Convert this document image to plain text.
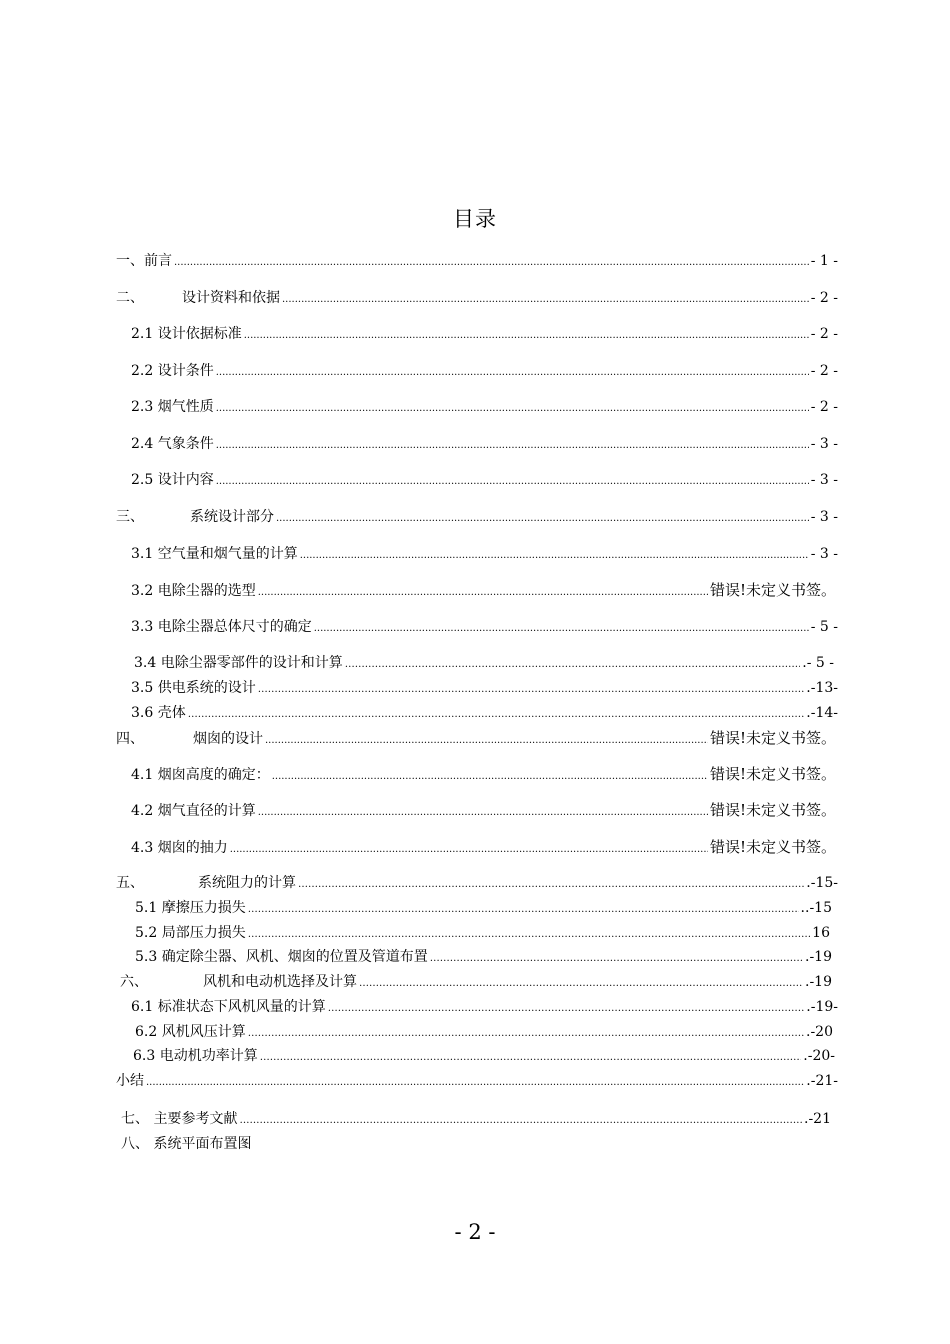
目录
一、前言 .....	- 1 -
二、	设计资料和依据 .....	- 2 -
2.1 设计依据标准 .....	- 2 -
2.2 设计条件 .....	- 2 -
2.3 烟气性质 .....	- 2 -
2.4 气象条件 .....	- 3 -
2.5 设计内容 .....	- 3 -
三、	系统设计部分 .....	- 3 -
3.1 空气量和烟气量的计算 .....	- 3 -
3.2 电除尘器的选型 .....	错误!未定义书签。
3.3 电除尘器总体尺寸的确定 .....	- 5 -
3.4 电除尘器零部件的设计和计算 …………………………………………………………………………………………………………………………………………………………………………………………………………………………	.- 5 -
3.5 供电系统的设计 …………………………………………………………………………………………………………………………………………………………………………………………………………………………	.-13-
3.6 壳体 …………………………………………………………………………………………………………………………………………………………………………………………………………………………	.-14-
四、	烟囱的设计 .....	错误!未定义书签。
4.1 烟囱高度的确定： .....	错误!未定义书签。
4.2 烟气直径的计算 .....	错误!未定义书签。
4.3 烟囱的抽力 .....	错误!未定义书签。
五、	系统阻力的计算 …………………………………………………………………………………………………………………………………………………………………………………………………………………………	.-15-
5.1 摩擦压力损失 …………………………………………………………………………………………………………………………………………………………………………………………………………………………	..-15
5.2 局部压力损失 …………………………………………………………………………………………………………………………………………………………………………………………………………………………	16
5.3 确定除尘器、风机、烟囱的位置及管道布置 …………………………………………………………………………………………………………………………………………………………………………………………………………………………	.-19
六、	风机和电动机选择及计算 …………………………………………………………………………………………………………………………………………………………………………………………………………………………	.-19
6.1 标准状态下风机风量的计算 …………………………………………………………………………………………………………………………………………………………………………………………………………………………	.-19-
6.2 风机风压计算 …………………………………………………………………………………………………………………………………………………………………………………………………………………………	.-20
6.3 电动机功率计算 …………………………………………………………………………………………………………………………………………………………………………………………………………………………	.-20-
小结 .....	.-21-
七、 主要参考文献 …………………………………………………………………………………………………………………………………………………………………………………………………………………………	.-21
八、 系统平面布置图
- 2 -
